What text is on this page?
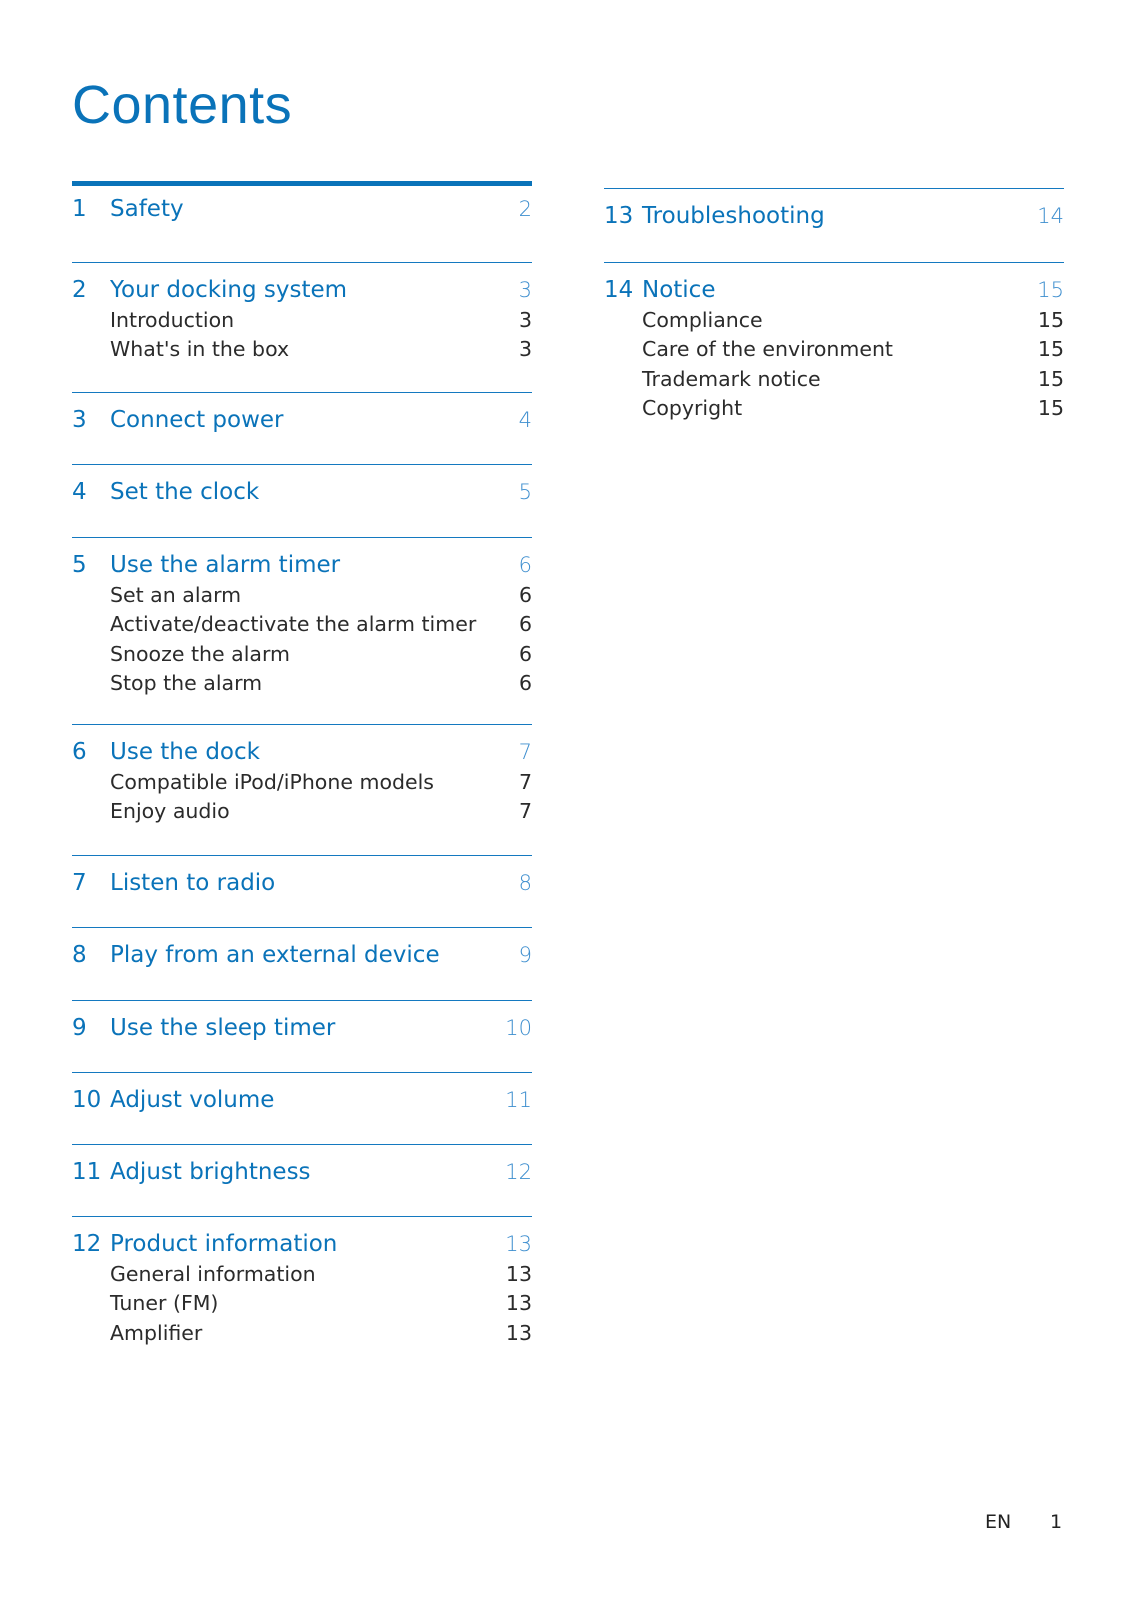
Contents
1 Safety	2
2 Your docking system	3
Introduction	3
What's in the box	3
3 Connect power	4
4 Set the clock	5
5 Use the alarm timer	6
Set an alarm	6
Activate/deactivate the alarm timer 6
Snooze the alarm	6
Stop the alarm	6
6 Use the dock	7
Compatible iPod/iPhone models	7
Enjoy audio	7
7 Listen to radio	8
8 Play from an external device	9
9 Use the sleep timer	10
10 Adjust volume	11
11 Adjust brightness	12
12 Product information	13
General information	13
Tuner (FM)	13
Amplifier	13
13 Troubleshooting	14
14 Notice	15
Compliance	15
Care of the environment	15
Trademark notice	15
Copyright	15
EN 1
